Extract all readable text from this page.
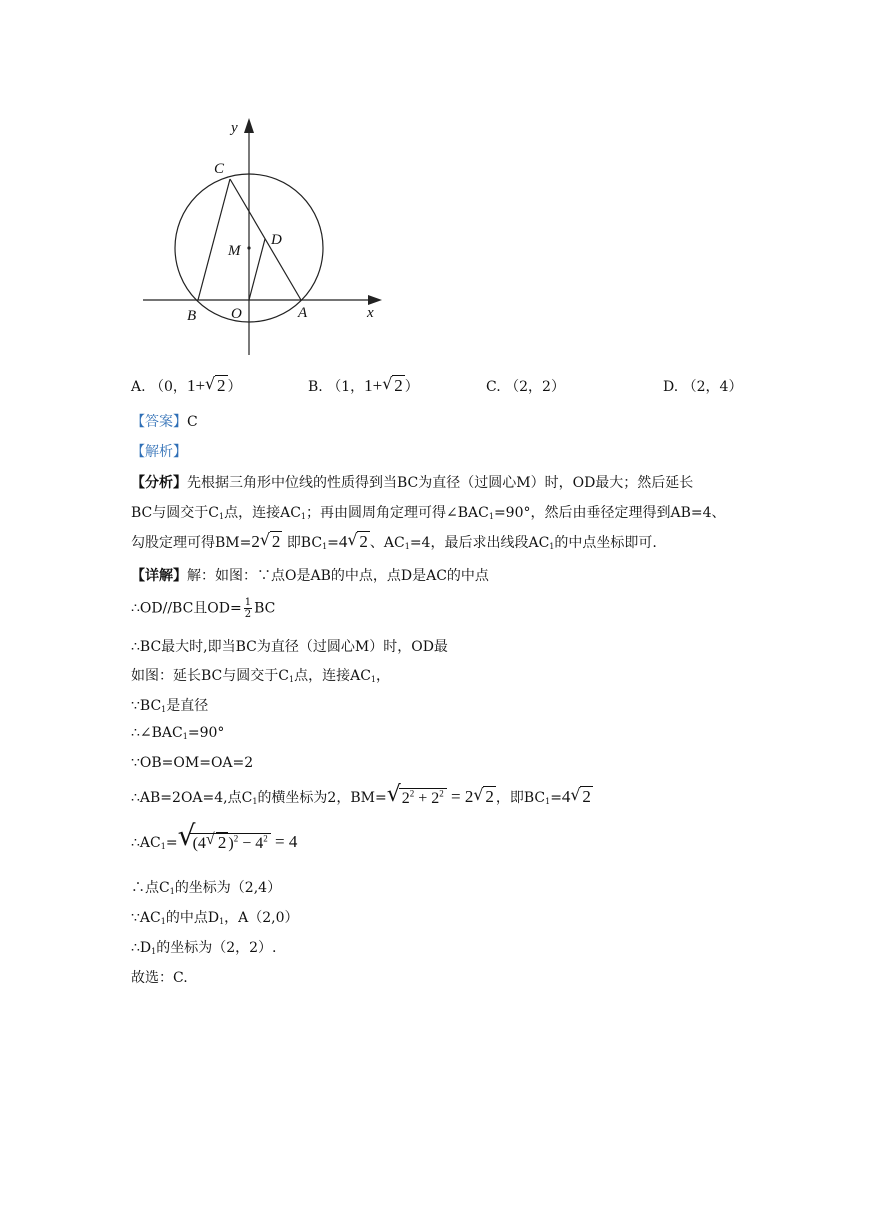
y
x
C
D
M
B O	A
A. （0，1+ √ 2 ）	B. （1，1+ √ 2 ）	C. （2，2）	D. （2，4）
【答案】C
【解析】
【分析】先根据三角形中位线的性质得到当BC为直径（过圆心M）时，OD最大；然后延长
BC与圆交于$C_1$点，连接$AC_1$；再由圆周角定理可得$\angle BAC_1=90^\circ$，然后由垂径定理得到AB=4、
勾股定理可得BM=2 √ 2 即$BC_1=4$ √ 2 、$AC_1=4$，最后求出线段$AC_1$的中点坐标即可.
【详解】解：如图：∵点O是AB的中点，点D是AC的中点
∴OD//BC且$OD= \frac{1}{2}$ BC
∴BC最大时,即当BC为直径（过圆心M）时，OD最
如图：延长BC与圆交于$C_1$点，连接$AC_1$，
$\because BC_1$是直径
$\therefore\angle BAC_1=90^\circ$
∵OB=OM=OA=2
∴AB=2OA=4,点$C_1$的横坐标为2，BM= √ $2^2 + 2^2 = 2$ √ 2 ，即$BC_1=4$ √ 2
$\therefore AC_1=$ √
(4 √ 2 )$^2 - 4^2 = 4$
∴点$C_1$的坐标为（2,4）
$\because AC_1$的中点$D_1$，A（2,0）
$\therefore D_1$的坐标为（2，2）.
故选：C.
